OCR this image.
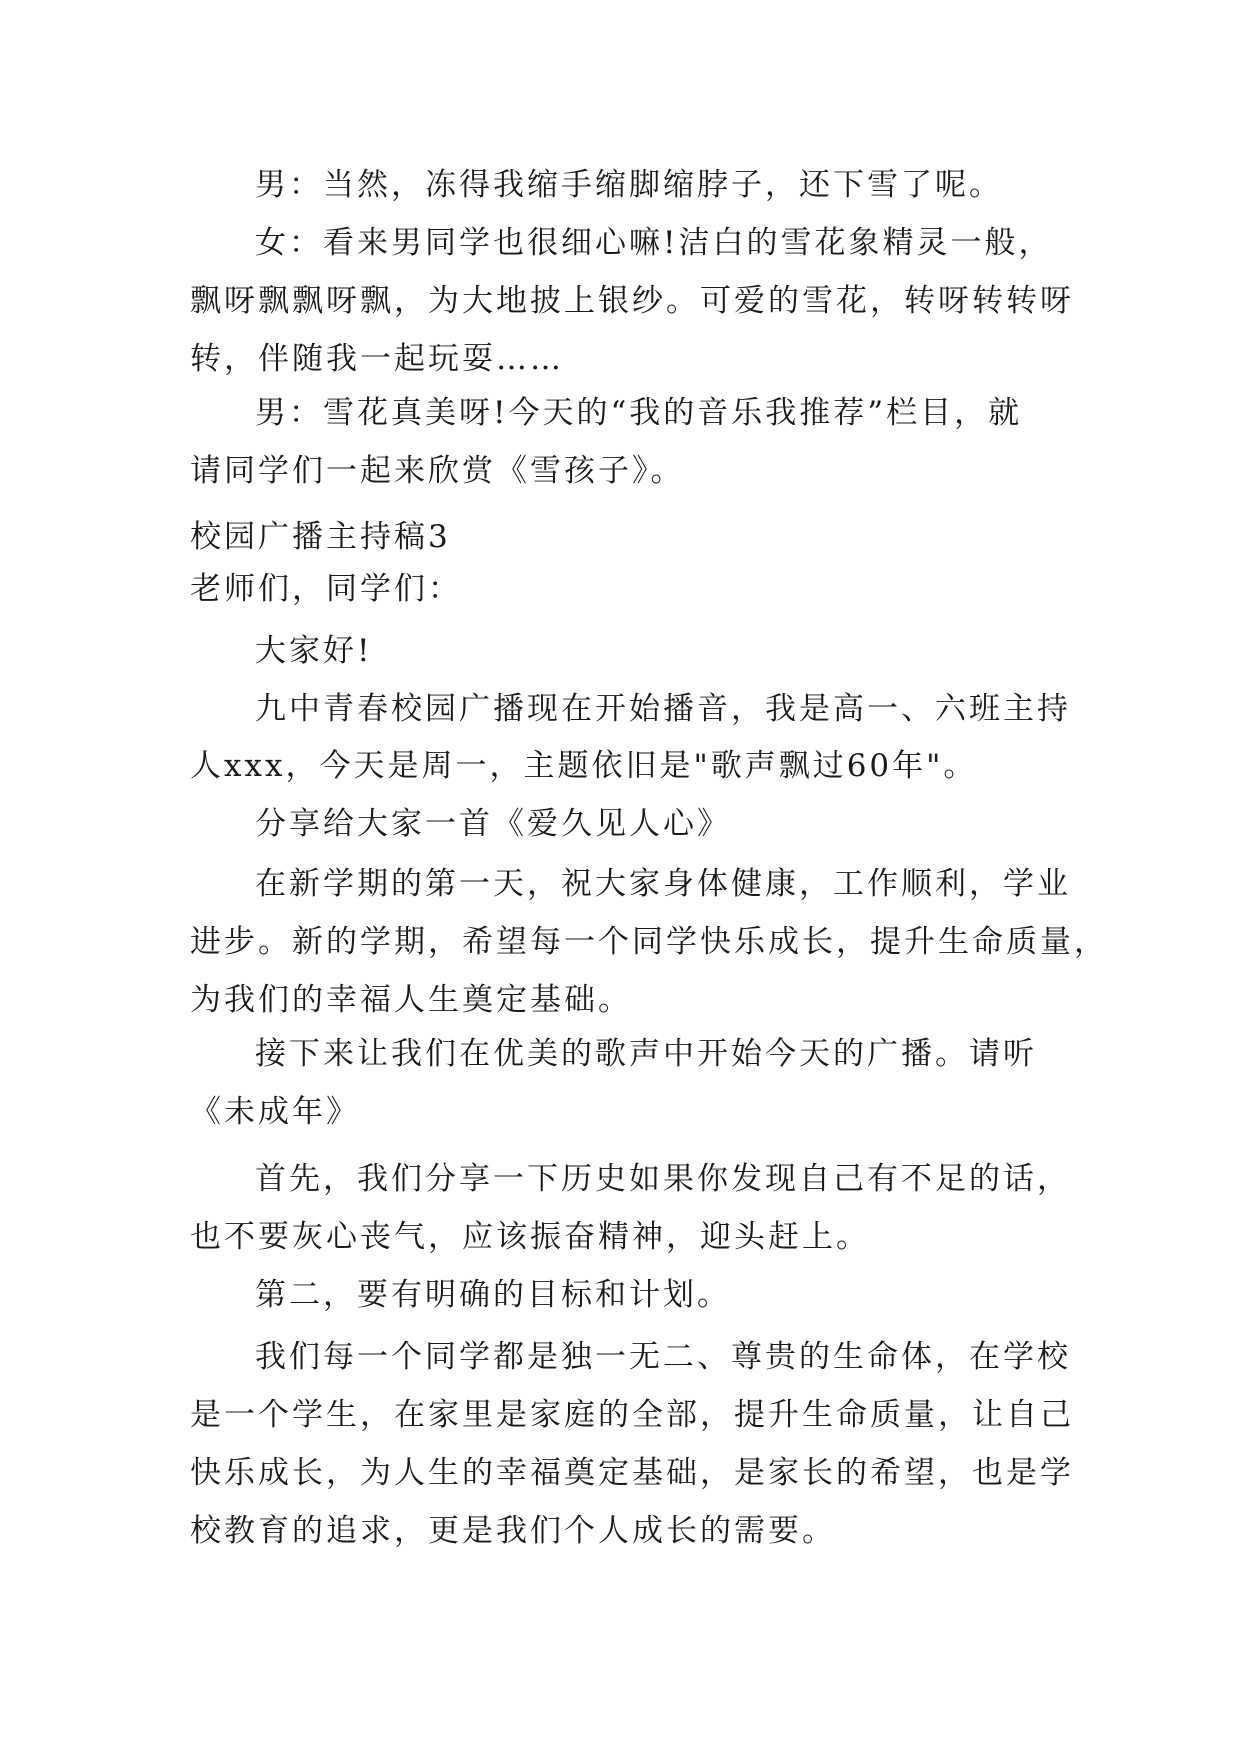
男：当然，冻得我缩手缩脚缩脖子，还下雪了呢。
女：看来男同学也很细心嘛!洁白的雪花象精灵一般，
飘呀飘飘呀飘，为大地披上银纱。可爱的雪花，转呀转转呀
转，伴随我一起玩耍……
男：雪花真美呀!今天的“我的音乐我推荐”栏目，就
请同学们一起来欣赏《雪孩子》。
校园广播主持稿3
老师们，同学们：
大家好!
九中青春校园广播现在开始播音，我是高一、六班主持
人xxx，今天是周一，主题依旧是"歌声飘过60年"。
分享给大家一首《爱久见人心》
在新学期的第一天，祝大家身体健康，工作顺利，学业
进步。新的学期，希望每一个同学快乐成长，提升生命质量，
为我们的幸福人生奠定基础。
接下来让我们在优美的歌声中开始今天的广播。请听
《未成年》
首先，我们分享一下历史如果你发现自己有不足的话，
也不要灰心丧气，应该振奋精神，迎头赶上。
第二，要有明确的目标和计划。
我们每一个同学都是独一无二、尊贵的生命体，在学校
是一个学生，在家里是家庭的全部，提升生命质量，让自己
快乐成长，为人生的幸福奠定基础，是家长的希望，也是学
校教育的追求，更是我们个人成长的需要。
